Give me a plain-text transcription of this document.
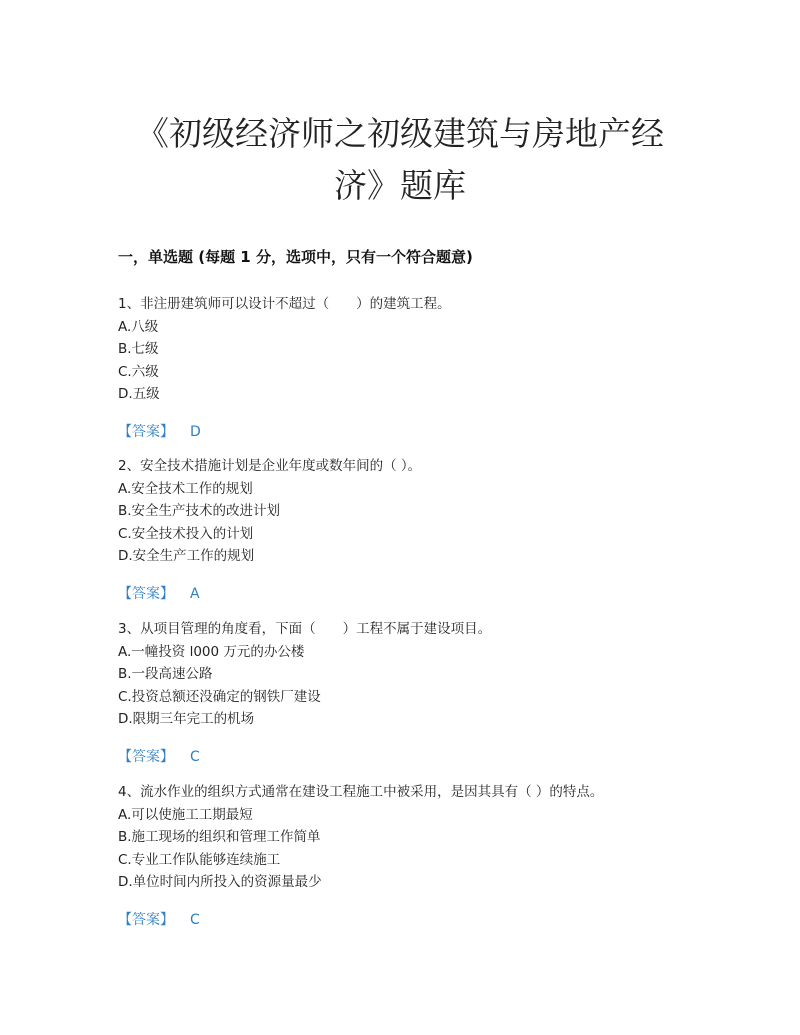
《初级经济师之初级建筑与房地产经
济》题库
一，单选题 (每题 1 分，选项中，只有一个符合题意)
1、非注册建筑师可以设计不超过（　　）的建筑工程。
A.八级
B.七级
C.六级
D.五级
【答案】 D
2、安全技术措施计划是企业年度或数年间的（ ）。
A.安全技术工作的规划
B.安全生产技术的改进计划
C.安全技术投入的计划
D.安全生产工作的规划
【答案】 A
3、从项目管理的角度看，下面（　　）工程不属于建设项目。
A.一幢投资 l000 万元的办公楼
B.一段高速公路
C.投资总额还没确定的钢铁厂建设
D.限期三年完工的机场
【答案】 C
4、流水作业的组织方式通常在建设工程施工中被采用，是因其具有（ ）的特点。
A.可以使施工工期最短
B.施工现场的组织和管理工作简单
C.专业工作队能够连续施工
D.单位时间内所投入的资源量最少
【答案】 C
